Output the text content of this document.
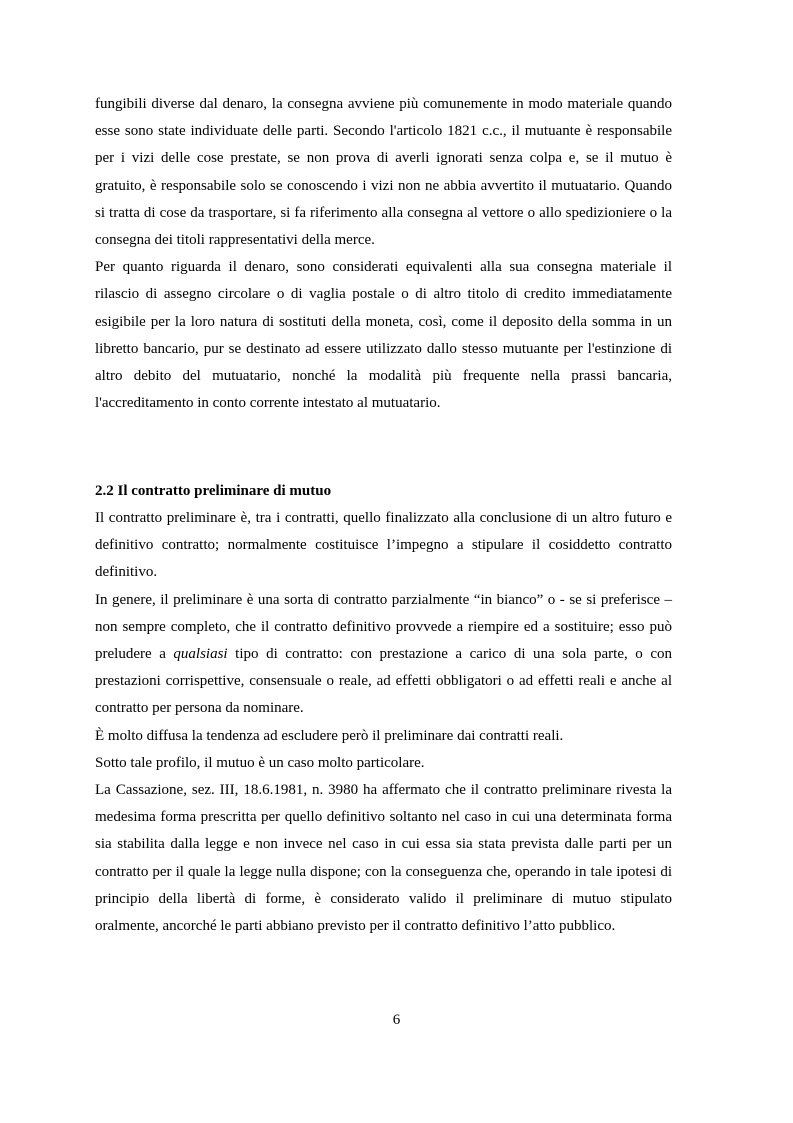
fungibili diverse dal denaro, la consegna avviene più comunemente in modo materiale quando esse sono state individuate delle parti. Secondo l'articolo 1821 c.c., il mutuante è responsabile per i vizi delle cose prestate, se non prova di averli ignorati senza colpa e, se il mutuo è gratuito, è responsabile solo se conoscendo i vizi non ne abbia avvertito il mutuatario. Quando si tratta di cose da trasportare, si fa riferimento alla consegna al vettore o allo spedizioniere o la consegna dei titoli rappresentativi della merce.

Per quanto riguarda il denaro, sono considerati equivalenti alla sua consegna materiale il rilascio di assegno circolare o di vaglia postale o di altro titolo di credito immediatamente esigibile per la loro natura di sostituti della moneta, così, come il deposito della somma in un libretto bancario, pur se destinato ad essere utilizzato dallo stesso mutuante per l'estinzione di altro debito del mutuatario, nonché la modalità più frequente nella prassi bancaria, l'accreditamento in conto corrente intestato al mutuatario.

2.2 Il contratto preliminare di mutuo

Il contratto preliminare è, tra i contratti, quello finalizzato alla conclusione di un altro futuro e definitivo contratto; normalmente costituisce l’impegno a stipulare il cosiddetto contratto definitivo.

In genere, il preliminare è una sorta di contratto parzialmente “in bianco” o - se si preferisce – non sempre completo, che il contratto definitivo provvede a riempire ed a sostituire; esso può preludere a qualsiasi tipo di contratto: con prestazione a carico di una sola parte, o con prestazioni corrispettive, consensuale o reale, ad effetti obbligatori o ad effetti reali e anche al contratto per persona da nominare.

È molto diffusa la tendenza ad escludere però il preliminare dai contratti reali.

Sotto tale profilo, il mutuo è un caso molto particolare.

La Cassazione, sez. III, 18.6.1981, n. 3980 ha affermato che il contratto preliminare rivesta la medesima forma prescritta per quello definitivo soltanto nel caso in cui una determinata forma sia stabilita dalla legge e non invece nel caso in cui essa sia stata prevista dalle parti per un contratto per il quale la legge nulla dispone; con la conseguenza che, operando in tale ipotesi di principio della libertà di forme, è considerato valido il preliminare di mutuo stipulato oralmente, ancorché le parti abbiano previsto per il contratto definitivo l’atto pubblico.

6
